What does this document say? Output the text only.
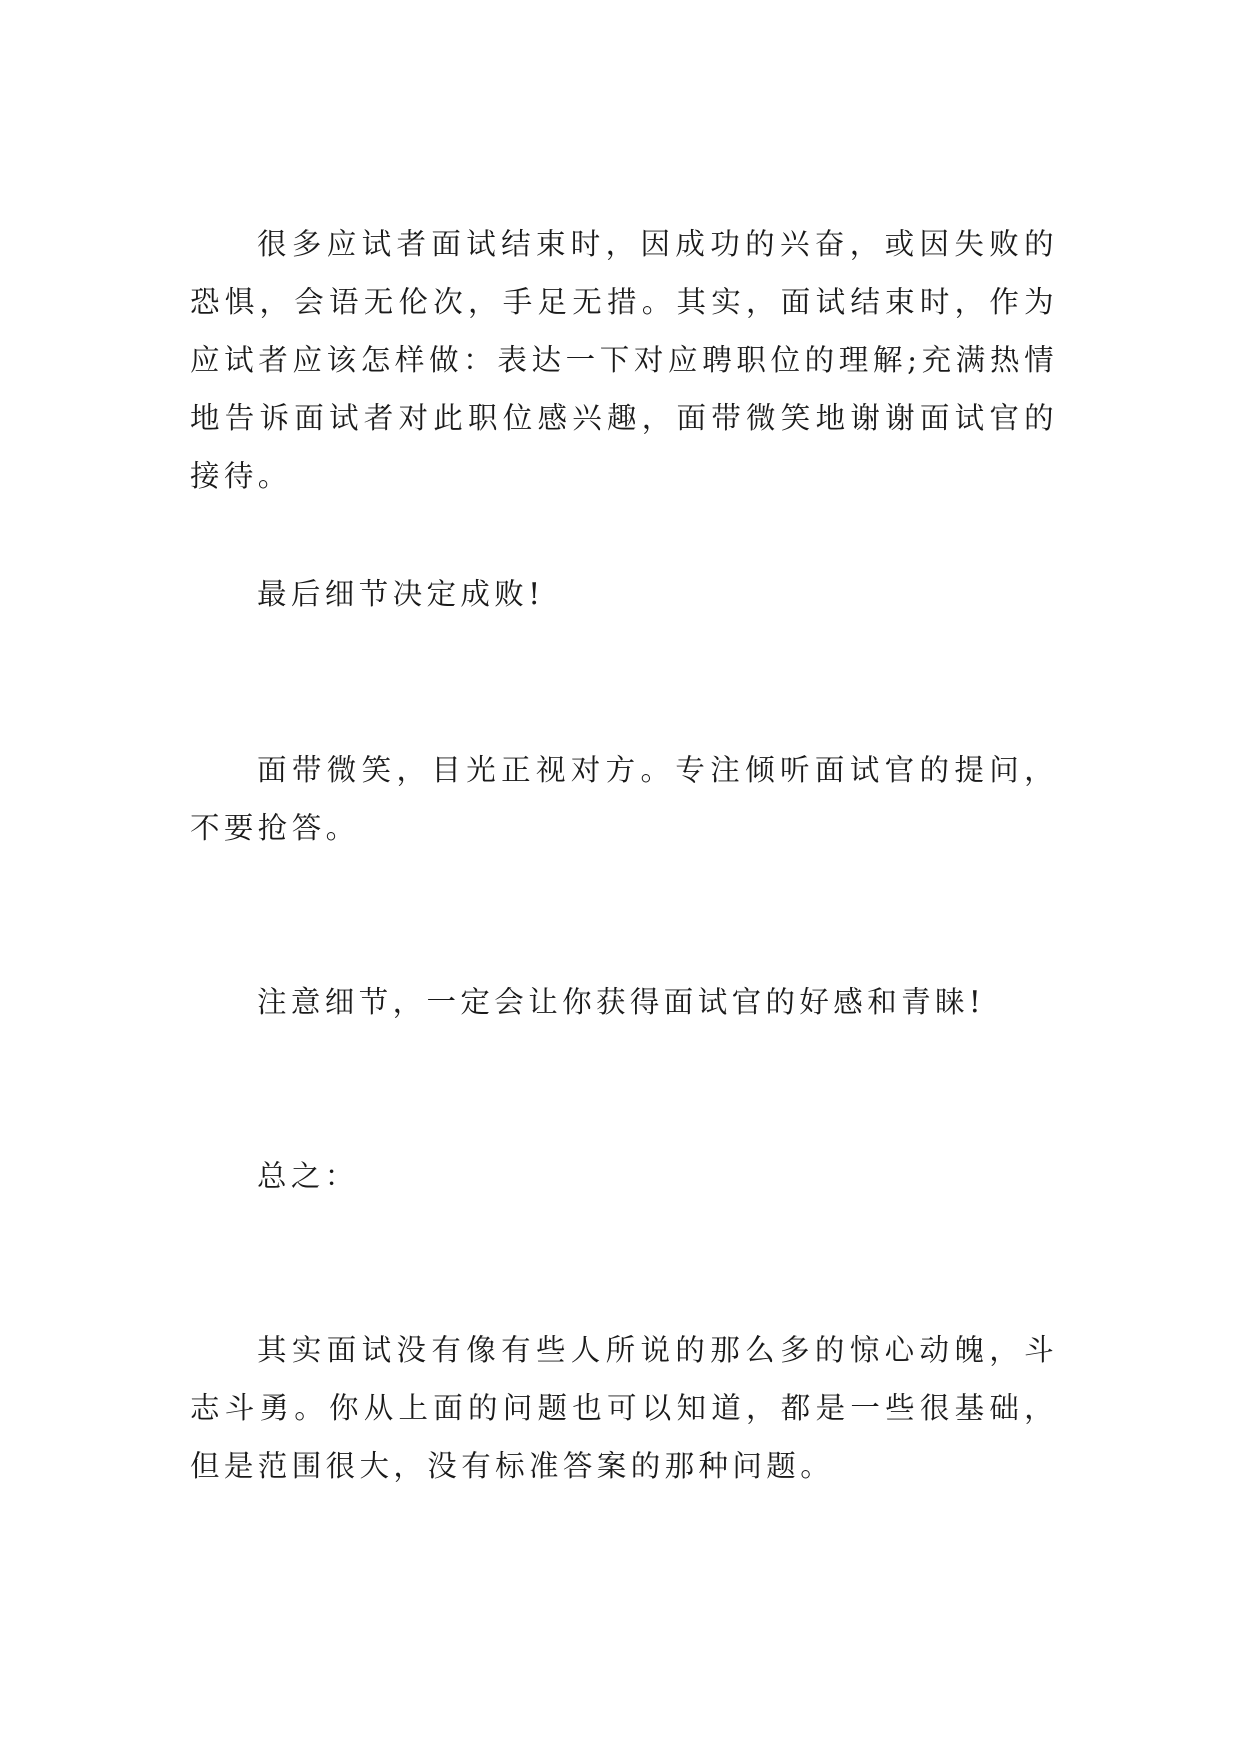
很多应试者面试结束时，因成功的兴奋，或因失败的恐惧，会语无伦次，手足无措。其实，面试结束时，作为应试者应该怎样做：表达一下对应聘职位的理解;充满热情地告诉面试者对此职位感兴趣，面带微笑地谢谢面试官的接待。

最后细节决定成败!

面带微笑，目光正视对方。专注倾听面试官的提问，不要抢答。

注意细节，一定会让你获得面试官的好感和青睐!

总之：

其实面试没有像有些人所说的那么多的惊心动魄，斗志斗勇。你从上面的问题也可以知道，都是一些很基础，但是范围很大，没有标准答案的那种问题。
